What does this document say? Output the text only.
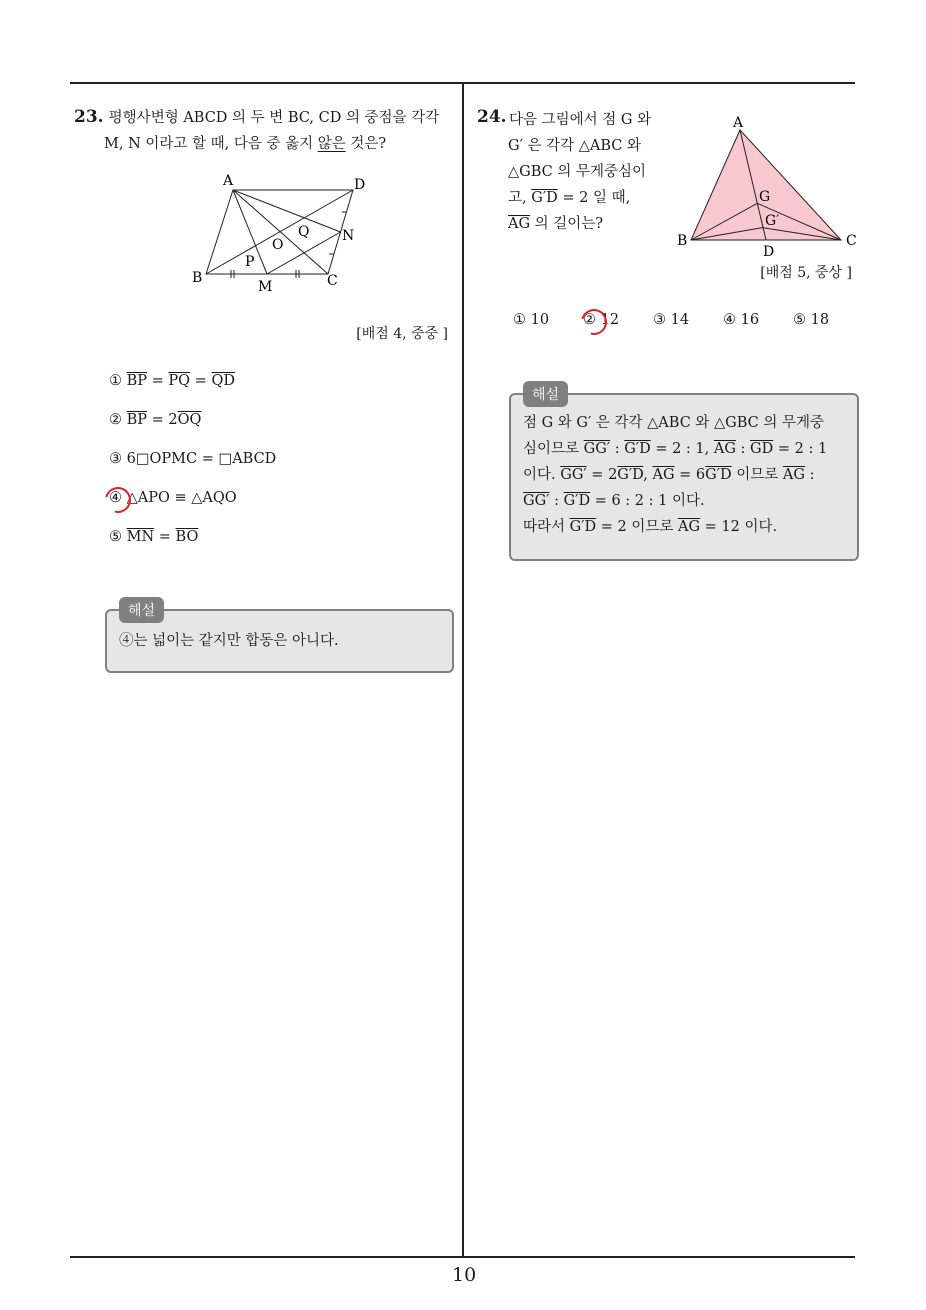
23. 평행사변형 ABCD 의 두 변 BC, CD 의 중점을 각각
M, N 이라고 할 때, 다음 중 옳지 않은 것은?
A	D
B	C
M
N
O
P
Q
[배점 4, 중중 ]
① $\overline{BP} = \overline{PQ} = \overline{QD}$
② $\overline{BP} = 2\overline{OQ}$
③ 6□OPMC = □ABCD
④ △APO ≡ △AQO
⑤ $\overline{MN} = \overline{BO}$
④는 넓이는 같지만 합동은 아니다.
해설
24. 다음 그림에서 점 G 와
G′ 은 각각 △ABC 와
△GBC 의 무게중심이
고, G′D = 2 일 때,
$\overline{AG}$ 의 길이는?
A
B	C
D
G
G′
[배점 5, 중상 ]
① 10 ② 12 ③ 14 ④ 16 ⑤ 18
점 G 와 G′ 은 각각 △ABC 와 △GBC 의 무게중
심이므로 GG′ : G′D = 2 : 1, $\overline{AG}$ : $\overline{GD} = 2$ : 1
이다. GG′ = 2G′D, $\overline{AG} = 6G'D$ 이므로 $\overline{AG}$ :
GG′ : G′D = 6 : 2 : 1 이다.
따라서 G′D = 2 이므로 $\overline{AG} = 12$ 이다.
해설
10
